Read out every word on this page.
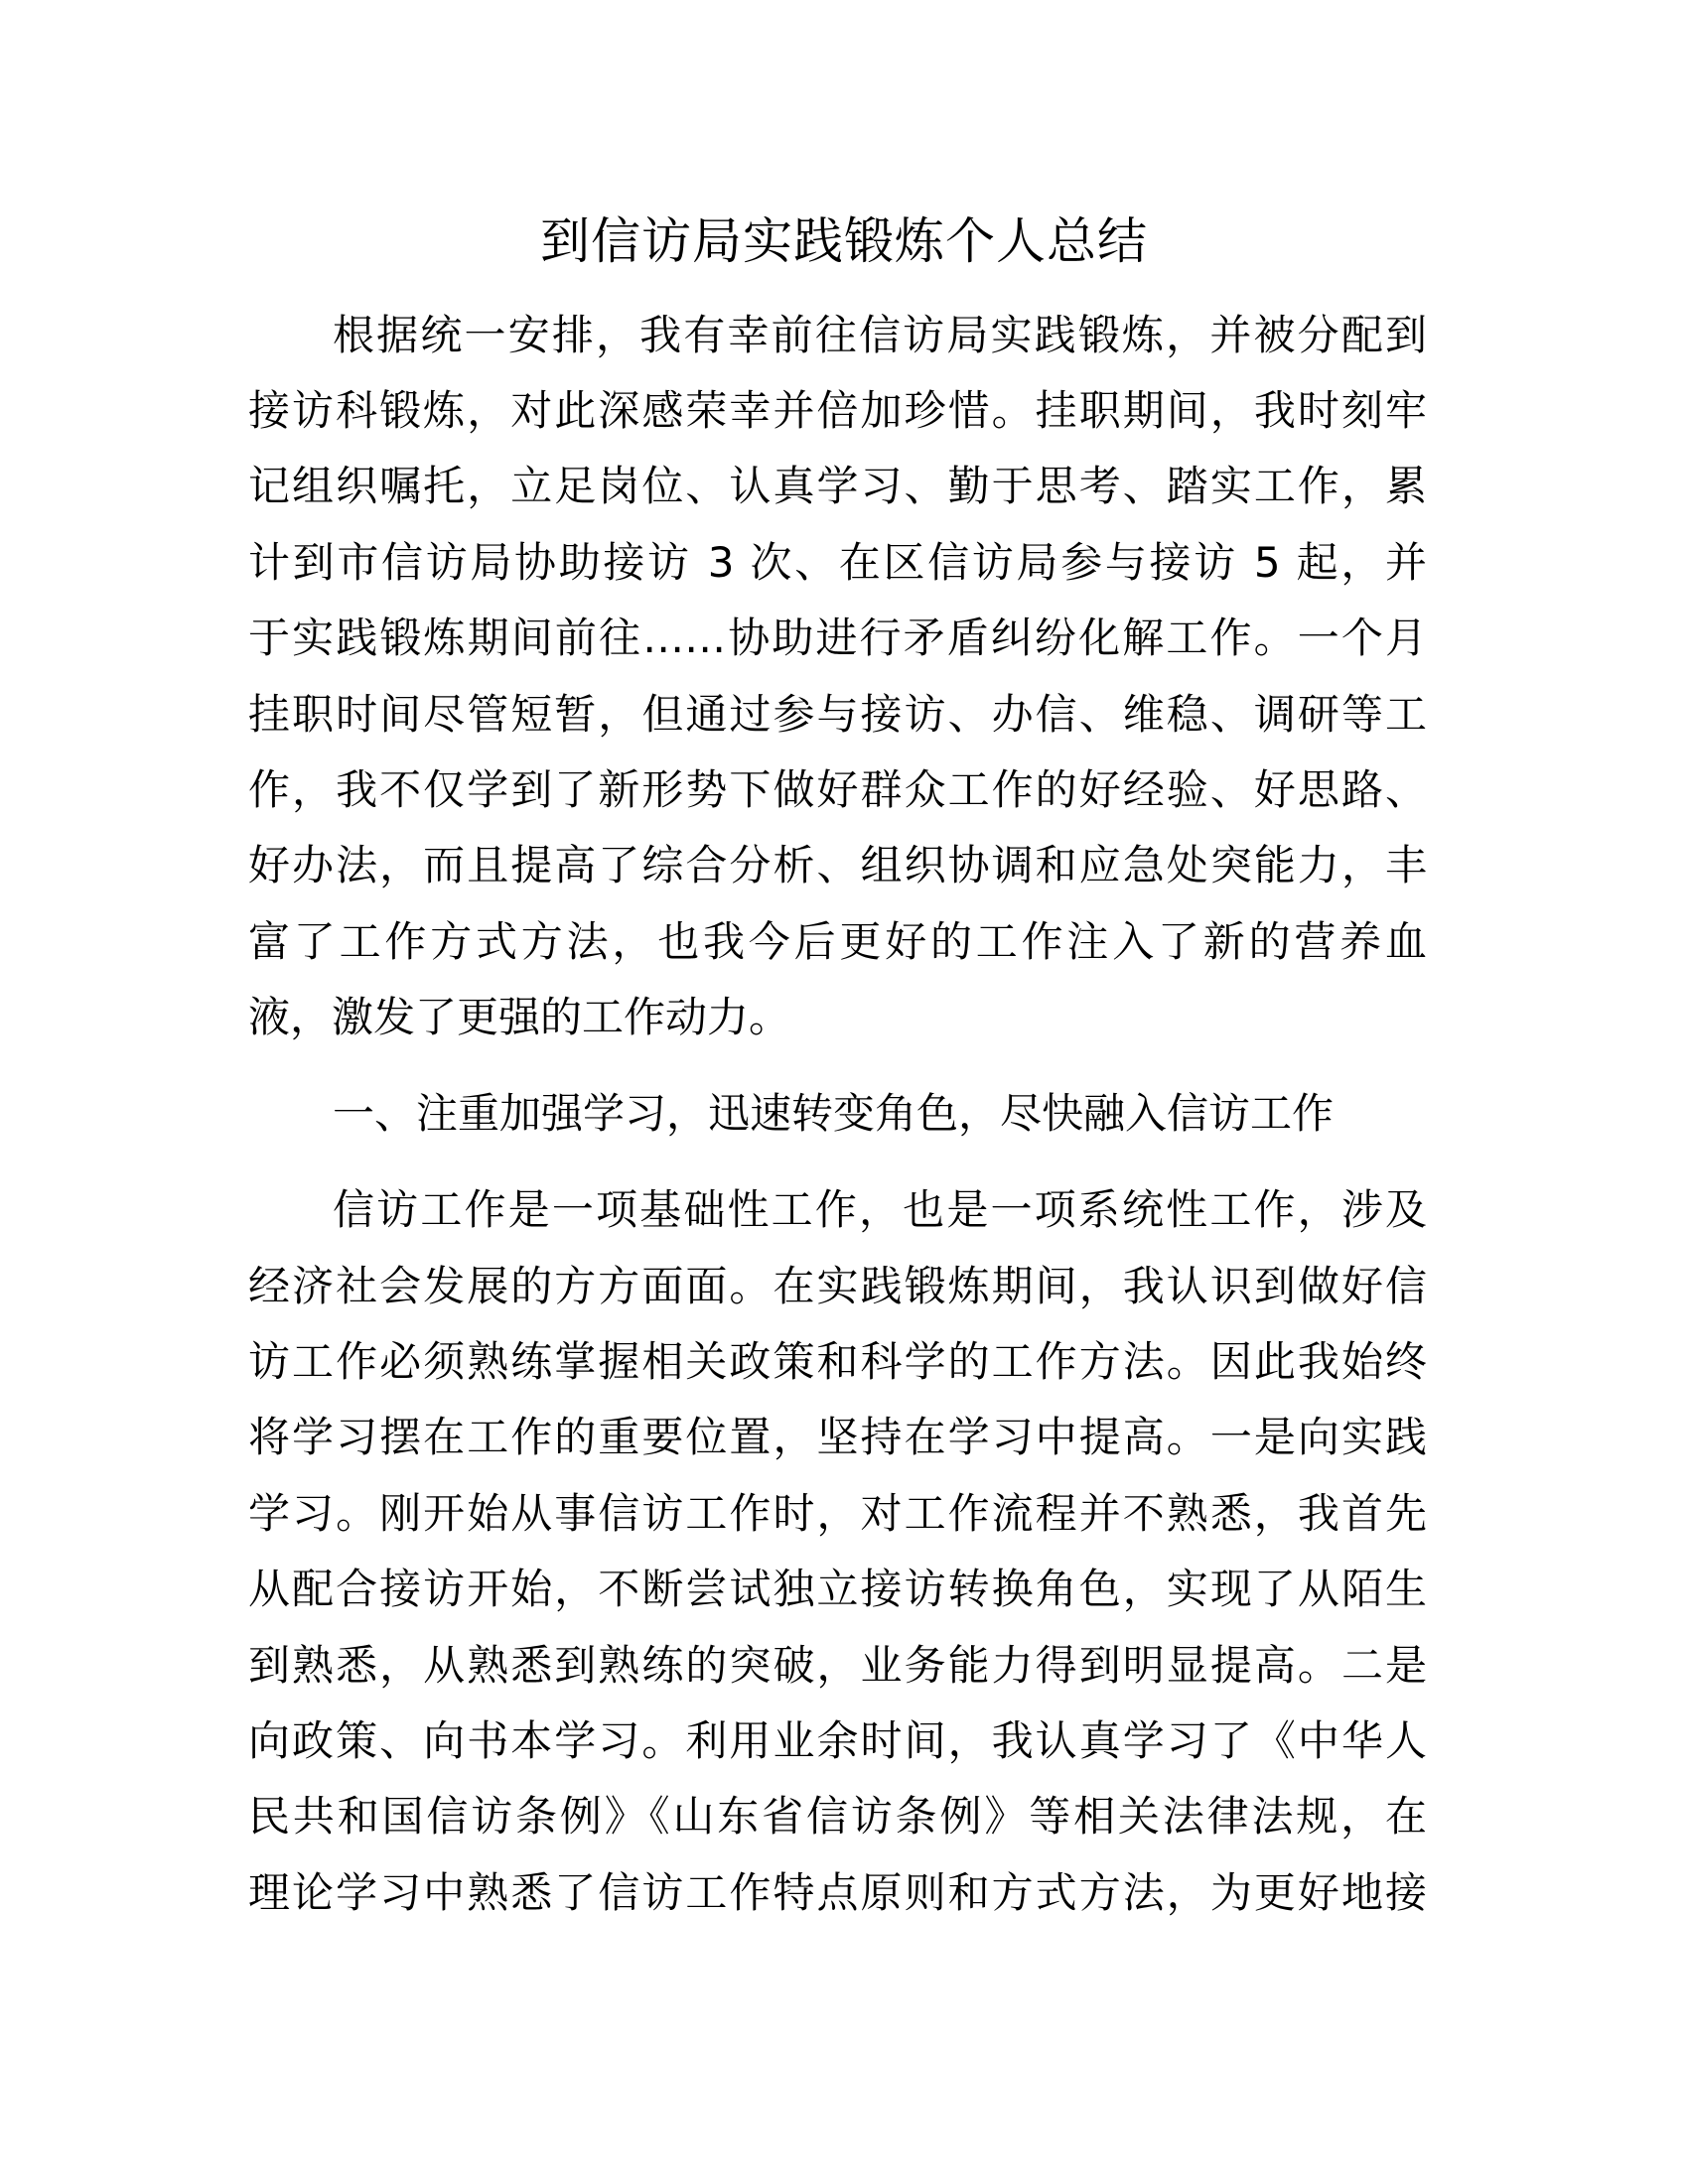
到信访局实践锻炼个人总结
根据统一安排，我有幸前往信访局实践锻炼，并被分配到
接访科锻炼，对此深感荣幸并倍加珍惜。挂职期间，我时刻牢
记组织嘱托，立足岗位、认真学习、勤于思考、踏实工作，累
计到市信访局协助接访 3 次、在区信访局参与接访 5 起，并
于实践锻炼期间前往……协助进行矛盾纠纷化解工作。一个月
挂职时间尽管短暂，但通过参与接访、办信、维稳、调研等工
作，我不仅学到了新形势下做好群众工作的好经验、好思路、
好办法，而且提高了综合分析、组织协调和应急处突能力，丰
富了工作方式方法，也我今后更好的工作注入了新的营养血
液，激发了更强的工作动力。
一、注重加强学习，迅速转变角色，尽快融入信访工作
信访工作是一项基础性工作，也是一项系统性工作，涉及
经济社会发展的方方面面。在实践锻炼期间，我认识到做好信
访工作必须熟练掌握相关政策和科学的工作方法。因此我始终
将学习摆在工作的重要位置，坚持在学习中提高。一是向实践
学习。刚开始从事信访工作时，对工作流程并不熟悉，我首先
从配合接访开始，不断尝试独立接访转换角色，实现了从陌生
到熟悉，从熟悉到熟练的突破，业务能力得到明显提高。二是
向政策、向书本学习。利用业余时间，我认真学习了《中华人
民共和国信访条例》《山东省信访条例》等相关法律法规，在
理论学习中熟悉了信访工作特点原则和方式方法，为更好地接
